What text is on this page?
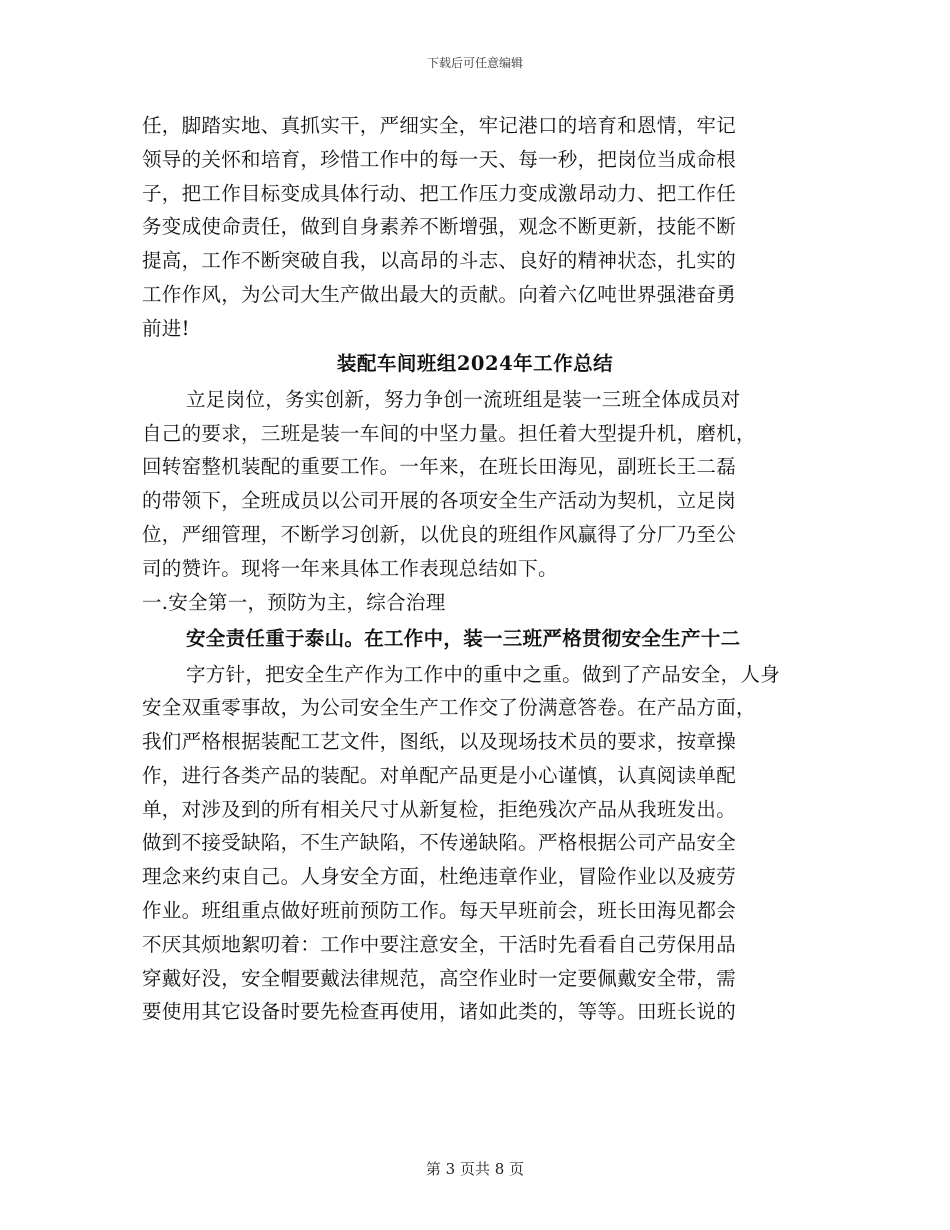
下载后可任意编辑
任，脚踏实地、真抓实干，严细实全，牢记港口的培育和恩情，牢记
领导的关怀和培育，珍惜工作中的每一天、每一秒，把岗位当成命根
子，把工作目标变成具体行动、把工作压力变成激昂动力、把工作任
务变成使命责任，做到自身素养不断增强，观念不断更新，技能不断
提高，工作不断突破自我，以高昂的斗志、良好的精神状态，扎实的
工作作风，为公司大生产做出最大的贡献。向着六亿吨世界强港奋勇
前进!
装配车间班组2024年工作总结
立足岗位，务实创新，努力争创一流班组是装一三班全体成员对
自己的要求，三班是装一车间的中坚力量。担任着大型提升机，磨机，
回转窑整机装配的重要工作。一年来，在班长田海见，副班长王二磊
的带领下，全班成员以公司开展的各项安全生产活动为契机，立足岗
位，严细管理，不断学习创新，以优良的班组作风赢得了分厂乃至公
司的赞许。现将一年来具体工作表现总结如下。
一.安全第一，预防为主，综合治理
安全责任重于泰山。在工作中，装一三班严格贯彻安全生产十二
字方针，把安全生产作为工作中的重中之重。做到了产品安全，人身
安全双重零事故，为公司安全生产工作交了份满意答卷。在产品方面，
我们严格根据装配工艺文件，图纸，以及现场技术员的要求，按章操
作，进行各类产品的装配。对单配产品更是小心谨慎，认真阅读单配
单，对涉及到的所有相关尺寸从新复检，拒绝残次产品从我班发出。
做到不接受缺陷，不生产缺陷，不传递缺陷。严格根据公司产品安全
理念来约束自己。人身安全方面，杜绝违章作业，冒险作业以及疲劳
作业。班组重点做好班前预防工作。每天早班前会，班长田海见都会
不厌其烦地絮叨着：工作中要注意安全，干活时先看看自己劳保用品
穿戴好没，安全帽要戴法律规范，高空作业时一定要佩戴安全带，需
要使用其它设备时要先检查再使用，诸如此类的，等等。田班长说的
第 3 页共 8 页
